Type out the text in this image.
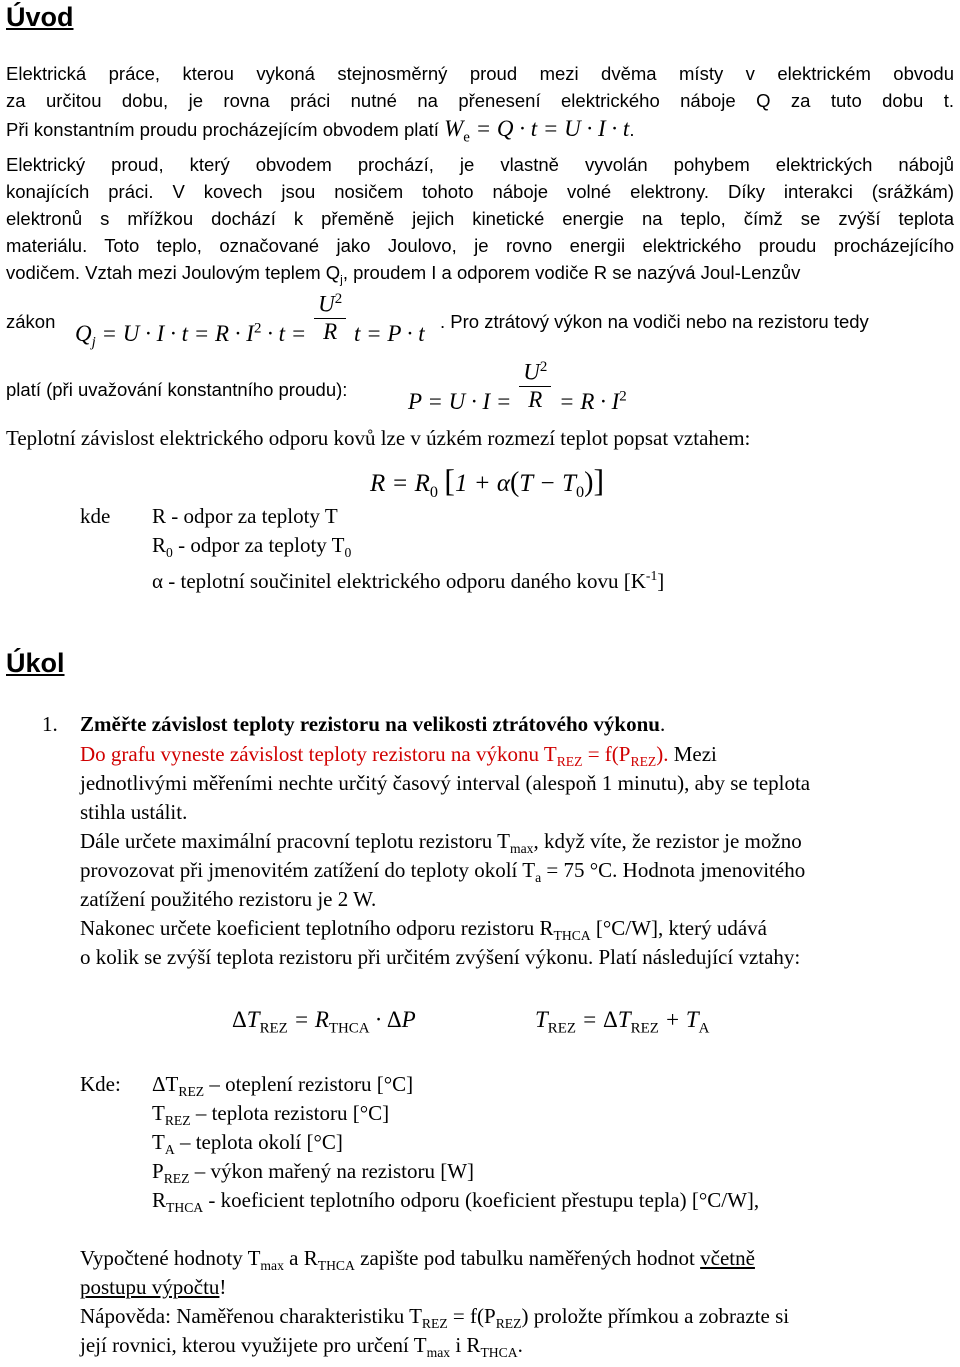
Úvod
Elektrická práce, kterou vykoná stejnosměrný proud mezi dvěma místy v elektrickém obvodu
za určitou dobu, je rovna práci nutné na přenesení elektrického náboje Q za tuto dobu t.
Při konstantním proudu procházejícím obvodem platí $W_e = Q \cdot t = U \cdot I \cdot t$.
Elektrický proud, který obvodem prochází, je vlastně vyvolán pohybem elektrických nábojů
konajících práci. V kovech jsou nosičem tohoto náboje volné elektrony. Díky interakci (srážkám)
elektronů s mřížkou dochází k přeměně jejich kinetické energie na teplo, čímž se zvýší teplota
materiálu. Toto teplo, označované jako Joulovo, je rovno energii elektrického proudu procházejícího
vodičem. Vztah mezi Joulovým teplem $Q_j$, proudem I a odporem vodiče R se nazývá Joul-Lenzův
zákon $Q_j = U \cdot I \cdot t = R \cdot I^2 \cdot t = \frac{U^2}{R}$ t = P · t . Pro ztrátový výkon na vodiči nebo na rezistoru tedy
platí (při uvažování konstantního proudu):	$P = U \cdot I = \frac{U^2}{R} = R \cdot I^2$
Teplotní závislost elektrického odporu kovů lze v úzkém rozmezí teplot popsat vztahem:
$R = R_0$ $[1 + \alpha(T - T_0)]$
kde R - odpor za teploty T
$R_0$ - odpor za teploty $T_0$
α - teplotní součinitel elektrického odporu daného kovu $[K^{-1}]$
Úkol
1. Změřte závislost teploty rezistoru na velikosti ztrátového výkonu.
Do grafu vyneste závislost teploty rezistoru na výkonu $T_{REZ} = f(P_{REZ})$. Mezi
jednotlivými měřeními nechte určitý časový interval (alespoň 1 minutu), aby se teplota
stihla ustálit.
Dále určete maximální pracovní teplotu rezistoru $T_{max}$, když víte, že rezistor je možno
provozovat při jmenovitém zatížení do teploty okolí $T_a = 75$ °C. Hodnota jmenovitého
zatížení použitého rezistoru je 2 W.
Nakonec určete koeficient teplotního odporu rezistoru $R_{THCA}$ [°C/W], který udává
o kolik se zvýší teplota rezistoru při určitém zvýšení výkonu. Platí následující vztahy:
$\Delta T_{REZ} = R_{THCA} \cdot \Delta P$	$T_{REZ} = \Delta T_{REZ} + T_A$
Kde: $\Delta T_{REZ}$ – oteplení rezistoru [°C]
$T_{REZ}$ – teplota rezistoru [°C]
$T_A$ – teplota okolí [°C]
$P_{REZ}$ – výkon mařený na rezistoru [W]
$R_{THCA}$ - koeficient teplotního odporu (koeficient přestupu tepla) [°C/W],
Vypočtené hodnoty $T_{max}$ a $R_{THCA}$ zapište pod tabulku naměřených hodnot včetně
postupu výpočtu!
Nápověda: Naměřenou charakteristiku $T_{REZ} = f(P_{REZ})$ proložte přímkou a zobrazte si
její rovnici, kterou využijete pro určení $T_{max}$ i $R_{THCA}$.
